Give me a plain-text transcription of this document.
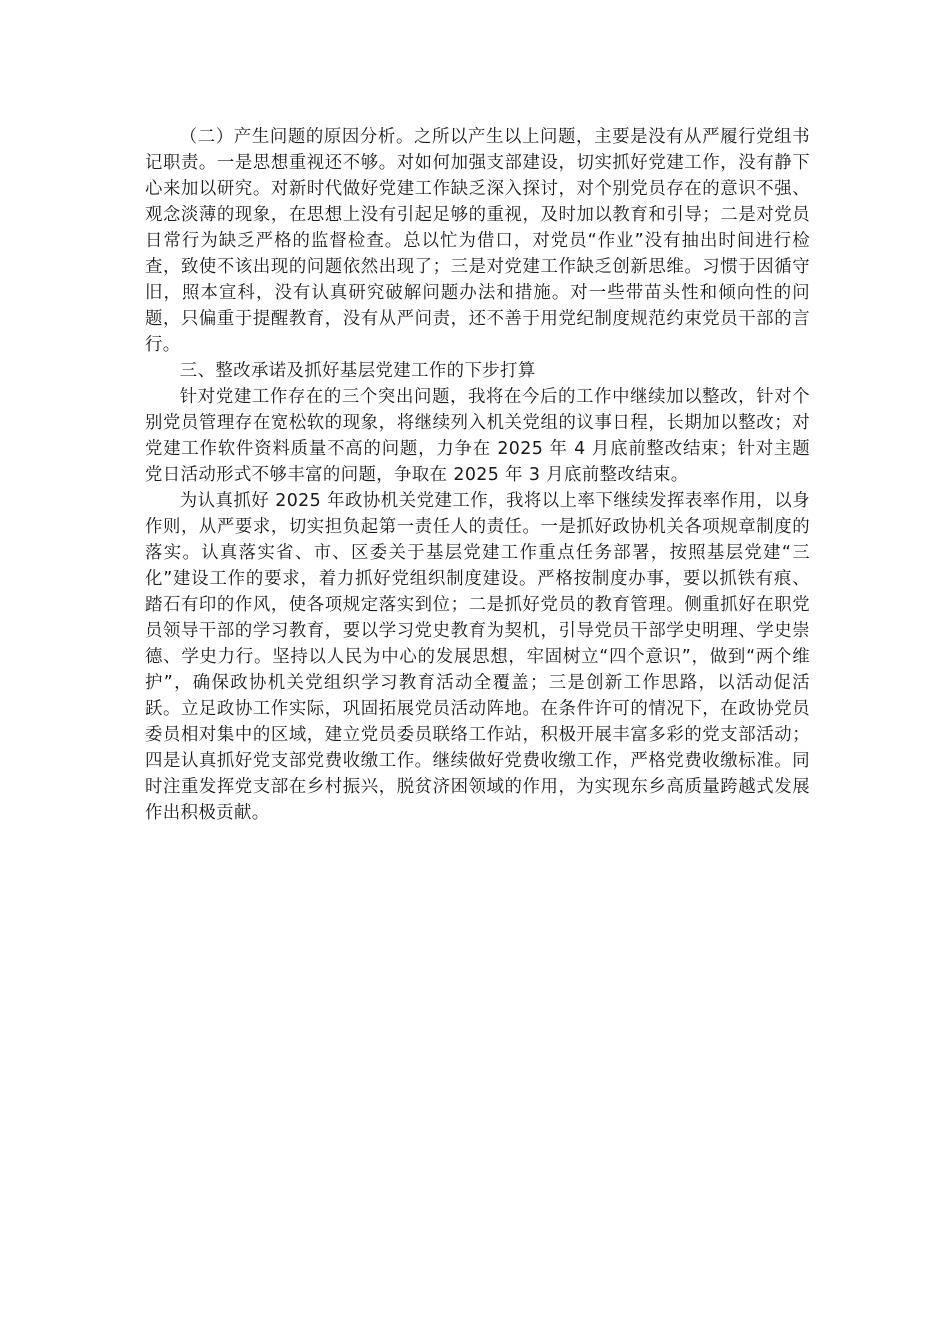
（二）产生问题的原因分析。之所以产生以上问题，主要是没有从严履行党组书记职责。一是思想重视还不够。对如何加强支部建设，切实抓好党建工作，没有静下心来加以研究。对新时代做好党建工作缺乏深入探讨，对个别党员存在的意识不强、观念淡薄的现象，在思想上没有引起足够的重视，及时加以教育和引导；二是对党员日常行为缺乏严格的监督检查。总以忙为借口，对党员“作业”没有抽出时间进行检查，致使不该出现的问题依然出现了；三是对党建工作缺乏创新思维。习惯于因循守旧，照本宣科，没有认真研究破解问题办法和措施。对一些带苗头性和倾向性的问题，只偏重于提醒教育，没有从严问责，还不善于用党纪制度规范约束党员干部的言行。

三、整改承诺及抓好基层党建工作的下步打算

针对党建工作存在的三个突出问题，我将在今后的工作中继续加以整改，针对个别党员管理存在宽松软的现象，将继续列入机关党组的议事日程，长期加以整改；对党建工作软件资料质量不高的问题，力争在 2025 年 4 月底前整改结束；针对主题党日活动形式不够丰富的问题，争取在 2025 年 3 月底前整改结束。

为认真抓好 2025 年政协机关党建工作，我将以上率下继续发挥表率作用，以身作则，从严要求，切实担负起第一责任人的责任。一是抓好政协机关各项规章制度的落实。认真落实省、市、区委关于基层党建工作重点任务部署，按照基层党建“三化”建设工作的要求，着力抓好党组织制度建设。严格按制度办事，要以抓铁有痕、踏石有印的作风，使各项规定落实到位；二是抓好党员的教育管理。侧重抓好在职党员领导干部的学习教育，要以学习党史教育为契机，引导党员干部学史明理、学史崇德、学史力行。坚持以人民为中心的发展思想，牢固树立“四个意识”，做到“两个维护”，确保政协机关党组织学习教育活动全覆盖；三是创新工作思路，以活动促活跃。立足政协工作实际，巩固拓展党员活动阵地。在条件许可的情况下，在政协党员委员相对集中的区域，建立党员委员联络工作站，积极开展丰富多彩的党支部活动；四是认真抓好党支部党费收缴工作。继续做好党费收缴工作，严格党费收缴标准。同时注重发挥党支部在乡村振兴，脱贫济困领域的作用，为实现东乡高质量跨越式发展作出积极贡献。
